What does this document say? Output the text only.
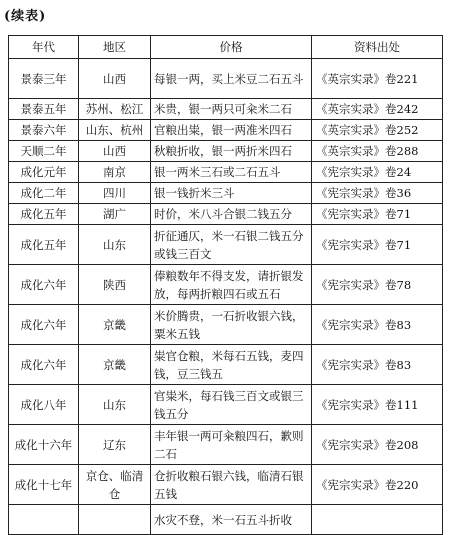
(续表)
年代	地区	价格	资料出处
景泰三年	山西	每银一两，买上米豆二石五斗	《英宗实录》卷221
景泰五年	苏州、松江	米贵，银一两只可籴米二石	《英宗实录》卷242
景泰六年	山东、杭州	官粮出粜，银一两准米四石	《英宗实录》卷252
天顺二年	山西	秋粮折收，银一两折米四石	《英宗实录》卷288
成化元年	南京	银一两米三石或二石五斗	《宪宗实录》卷24
成化二年	四川	银一钱折米三斗	《宪宗实录》卷36
成化五年	湖广	时价，米八斗合银二钱五分	《宪宗实录》卷71
成化五年	山东	折征通仄，米一石银二钱五分或钱三百文	《宪宗实录》卷71
成化六年	陕西	俸粮数年不得支发，请折银发放，每两折粮四石或五石	《宪宗实录》卷78
成化六年	京畿	米价腾贵，一石折收银六钱，粟米五钱	《宪宗实录》卷83
成化六年	京畿	粜官仓粮，米每石五钱，麦四钱，豆三钱五	《宪宗实录》卷83
成化八年	山东	官粜米，每石钱三百文或银三钱五分	《宪宗实录》卷111
成化十六年	辽东	丰年银一两可籴粮四石，歉则二石	《宪宗实录》卷208
成化十七年	京仓、临清仓	仓折收粮石银六钱，临清石银五钱	《宪宗实录》卷220
		水灾不登，米一石五斗折收	
